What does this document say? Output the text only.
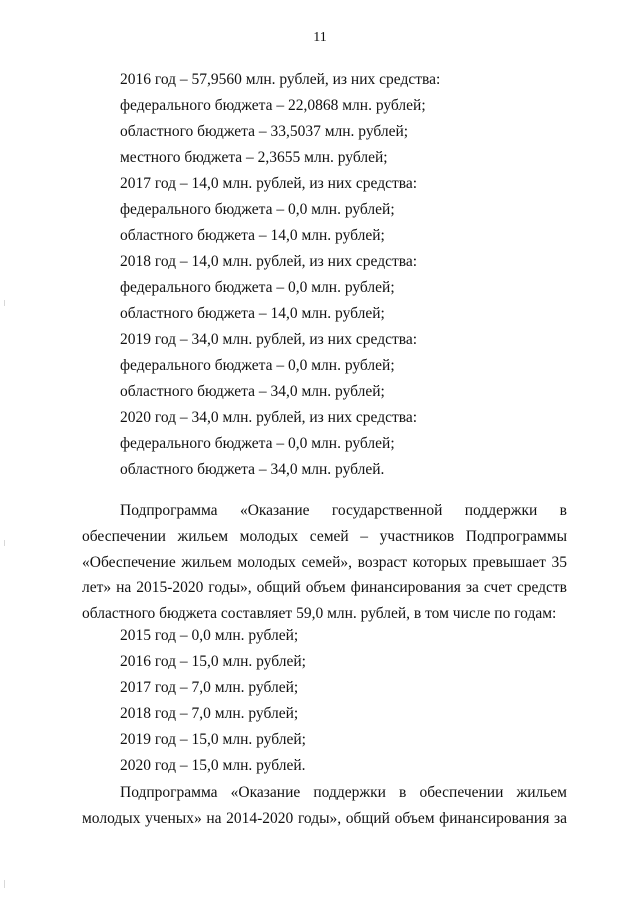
11
2016 год – 57,9560 млн. рублей, из них средства:
федерального бюджета – 22,0868 млн. рублей;
областного бюджета – 33,5037 млн. рублей;
местного бюджета – 2,3655 млн. рублей;
2017 год – 14,0 млн. рублей, из них средства:
федерального бюджета – 0,0 млн. рублей;
областного бюджета – 14,0 млн. рублей;
2018 год – 14,0 млн. рублей, из них средства:
федерального бюджета – 0,0 млн. рублей;
областного бюджета – 14,0 млн. рублей;
2019 год – 34,0 млн. рублей, из них средства:
федерального бюджета – 0,0 млн. рублей;
областного бюджета – 34,0 млн. рублей;
2020 год – 34,0 млн. рублей, из них средства:
федерального бюджета – 0,0 млн. рублей;
областного бюджета – 34,0 млн. рублей.
Подпрограмма «Оказание государственной поддержки в
обеспечении жильем молодых семей – участников Подпрограммы
«Обеспечение жильем молодых семей», возраст которых превышает 35
лет» на 2015-2020 годы», общий объем финансирования за счет средств
областного бюджета составляет 59,0 млн. рублей, в том числе по годам:
2015 год – 0,0 млн. рублей;
2016 год – 15,0 млн. рублей;
2017 год – 7,0 млн. рублей;
2018 год – 7,0 млн. рублей;
2019 год – 15,0 млн. рублей;
2020 год – 15,0 млн. рублей.
Подпрограмма «Оказание поддержки в обеспечении жильем
молодых ученых» на 2014-2020 годы», общий объем финансирования за
